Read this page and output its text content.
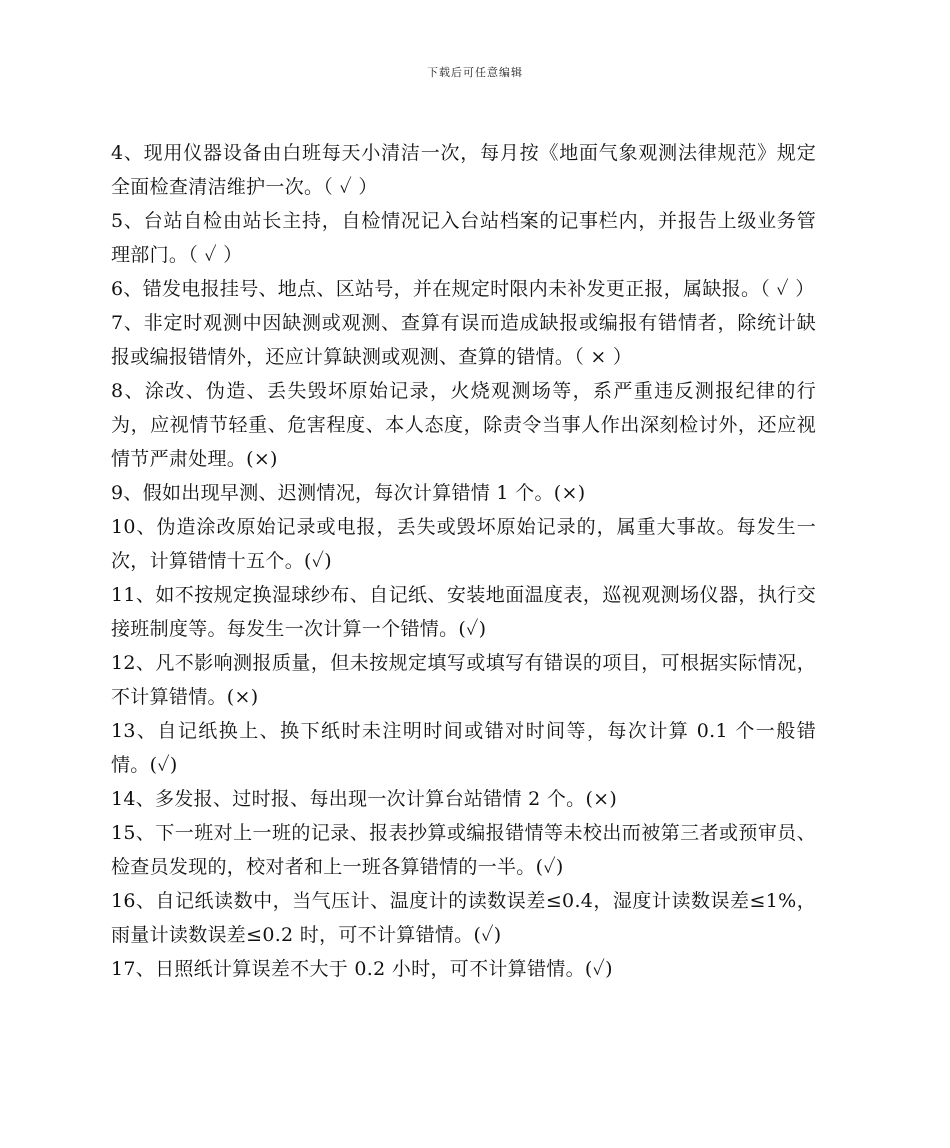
下载后可任意编辑

4、现用仪器设备由白班每天小清洁一次，每月按《地面气象观测法律规范》规定全面检查清洁维护一次。（ ✓ ）

5、台站自检由站长主持，自检情况记入台站档案的记事栏内，并报告上级业务管理部门。（ ✓ ）

6、错发电报挂号、地点、区站号，并在规定时限内未补发更正报，属缺报。（ ✓ ）

7、非定时观测中因缺测或观测、查算有误而造成缺报或编报有错情者，除统计缺报或编报错情外，还应计算缺测或观测、查算的错情。（ × ）

8、涂改、伪造、丢失毁坏原始记录，火烧观测场等，系严重违反测报纪律的行为，应视情节轻重、危害程度、本人态度，除责令当事人作出深刻检讨外，还应视情节严肃处理。(×)

9、假如出现早测、迟测情况，每次计算错情 1 个。(×)

10、伪造涂改原始记录或电报，丢失或毁坏原始记录的，属重大事故。每发生一次，计算错情十五个。(✓)

11、如不按规定换湿球纱布、自记纸、安装地面温度表，巡视观测场仪器，执行交接班制度等。每发生一次计算一个错情。(✓)

12、凡不影响测报质量，但未按规定填写或填写有错误的项目，可根据实际情况，不计算错情。(×)

13、自记纸换上、换下纸时未注明时间或错对时间等，每次计算 0.1 个一般错情。(✓)

14、多发报、过时报、每出现一次计算台站错情 2 个。(×)

15、下一班对上一班的记录、报表抄算或编报错情等未校出而被第三者或预审员、检查员发现的，校对者和上一班各算错情的一半。(✓)

16、自记纸读数中，当气压计、温度计的读数误差≤0.4，湿度计读数误差≤1%，雨量计读数误差≤0.2 时，可不计算错情。(✓)

17、日照纸计算误差不大于 0.2 小时，可不计算错情。(✓)
